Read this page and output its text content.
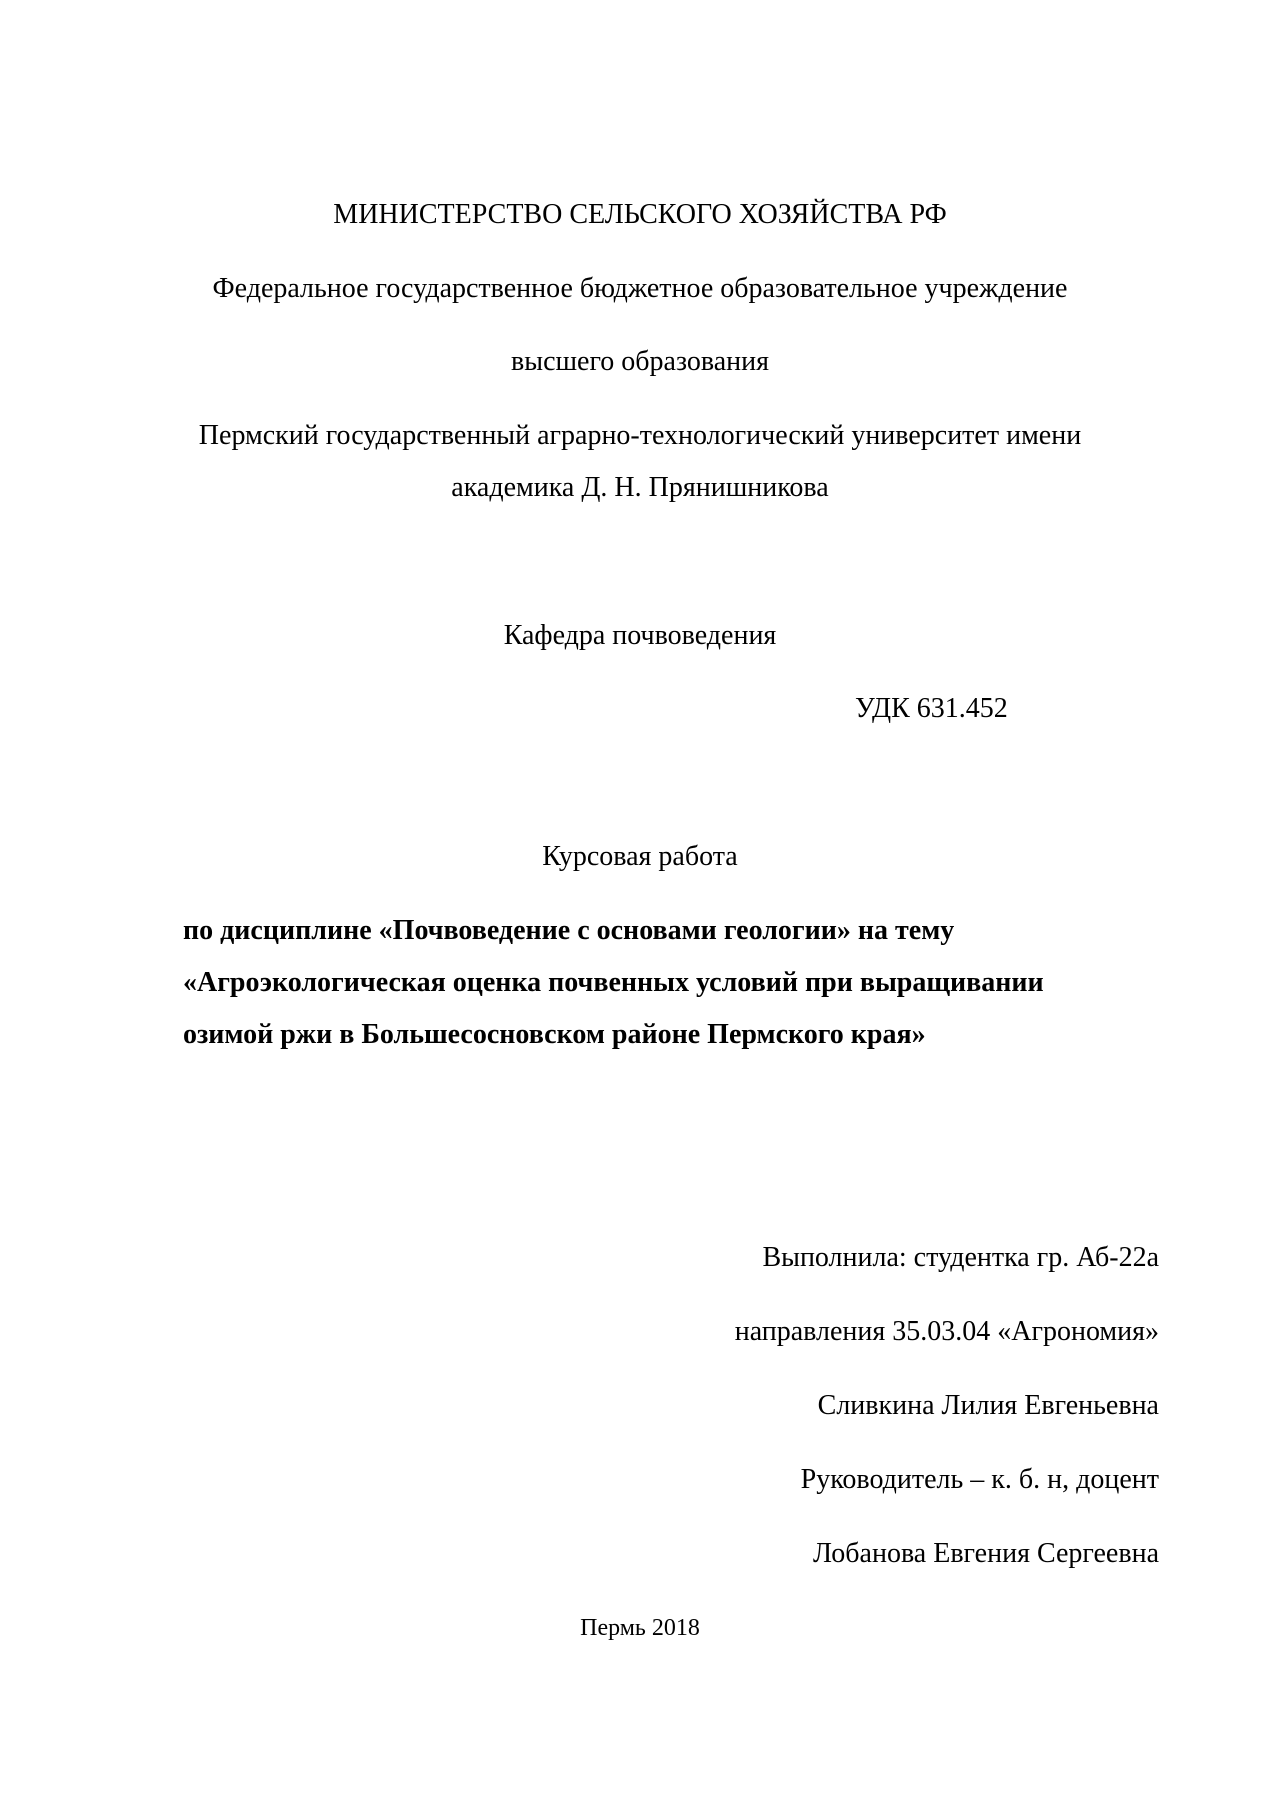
МИНИСТЕРСТВО СЕЛЬСКОГО ХОЗЯЙСТВА РФ
Федеральное государственное бюджетное образовательное учреждение
высшего образования
Пермский государственный аграрно-технологический университет имени
академика Д. Н. Прянишникова
Кафедра почвоведения
УДК 631.452
Курсовая работа
по дисциплине «Почвоведение с основами геологии» на тему
«Агроэкологическая оценка почвенных условий при выращивании
озимой ржи в Большесосновском районе Пермского края»
Выполнила: студентка гр. Аб-22а
направления 35.03.04 «Агрономия»
Сливкина Лилия Евгеньевна
Руководитель – к. б. н, доцент
Лобанова Евгения Сергеевна
Пермь 2018
